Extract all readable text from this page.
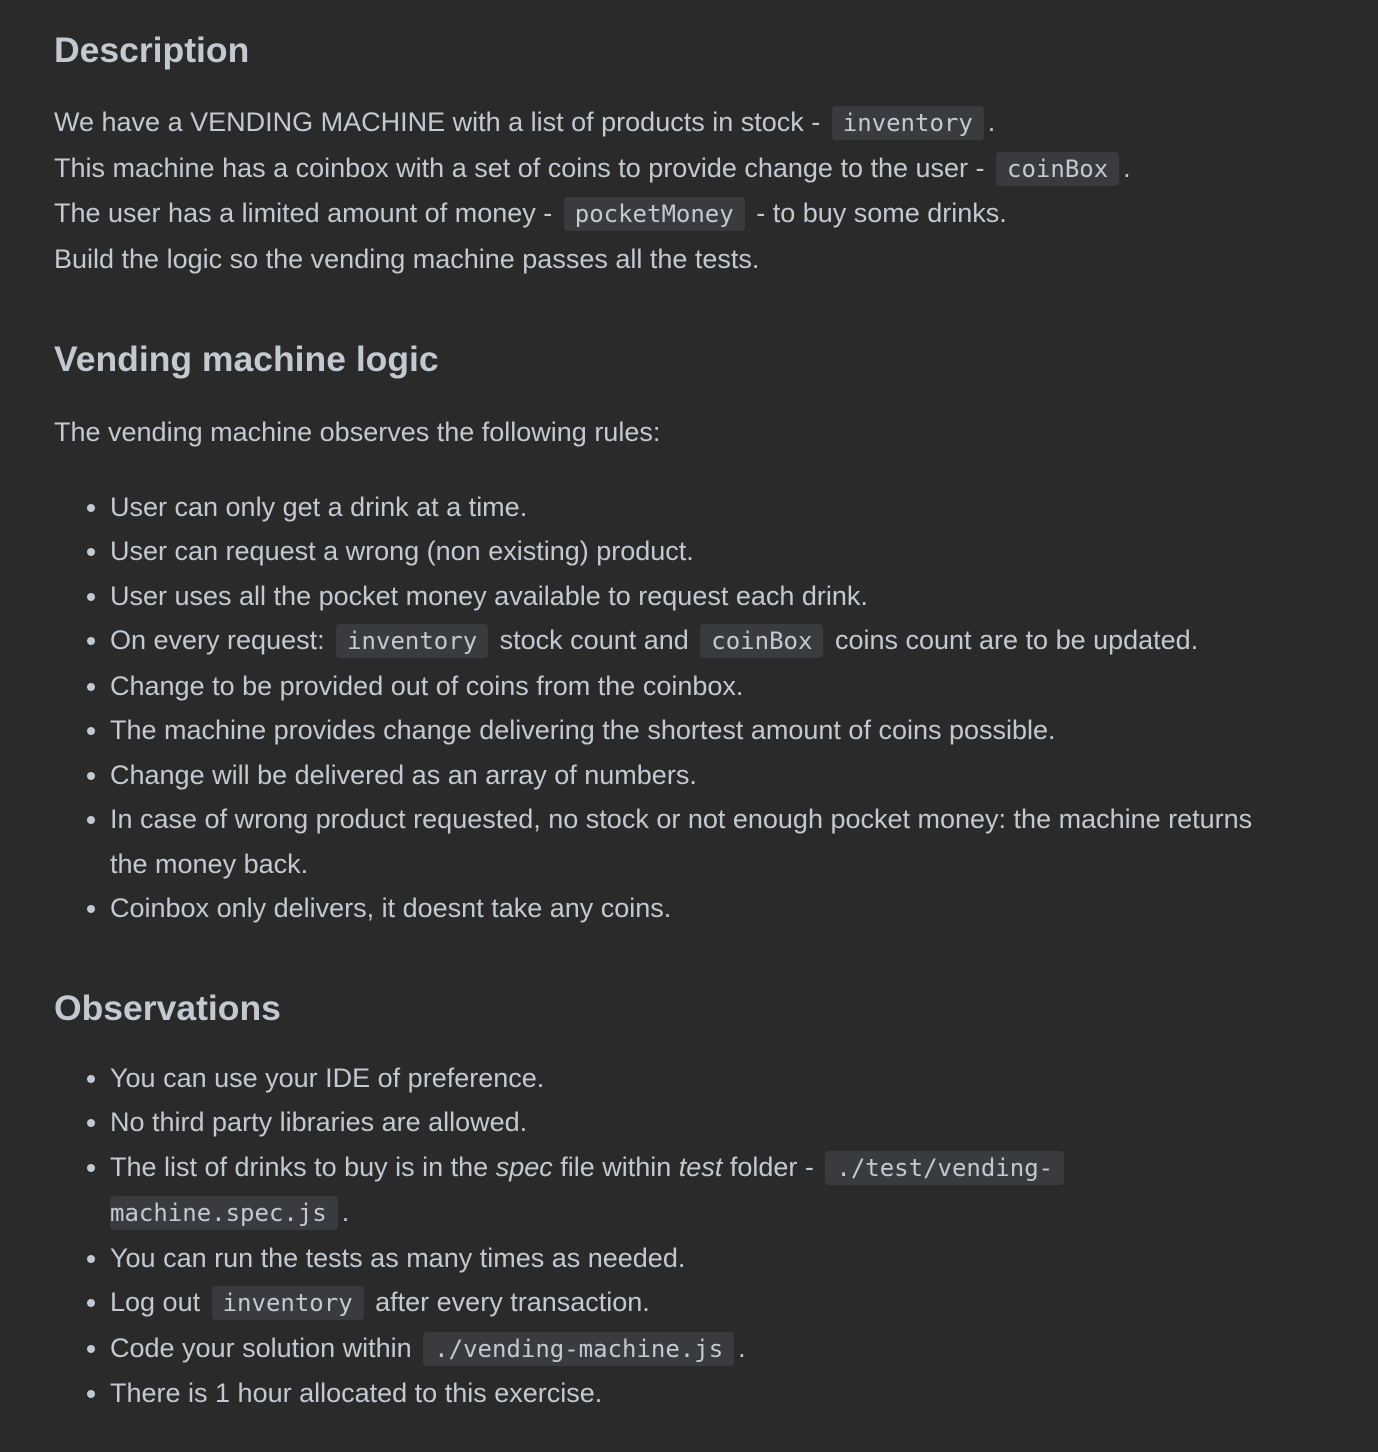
Description

We have a VENDING MACHINE with a list of products in stock - inventory .
This machine has a coinbox with a set of coins to provide change to the user - coinBox .
The user has a limited amount of money - pocketMoney - to buy some drinks.
Build the logic so the vending machine passes all the tests.

Vending machine logic

The vending machine observes the following rules:

• User can only get a drink at a time.
• User can request a wrong (non existing) product.
• User uses all the pocket money available to request each drink.
• On every request: inventory stock count and coinBox coins count are to be updated.
• Change to be provided out of coins from the coinbox.
• The machine provides change delivering the shortest amount of coins possible.
• Change will be delivered as an array of numbers.
• In case of wrong product requested, no stock or not enough pocket money: the machine returns
the money back.
• Coinbox only delivers, it doesnt take any coins.
Observations
• You can use your IDE of preference.
• No third party libraries are allowed.
• The list of drinks to buy is in the spec file within test folder - ./test/vending-
machine.spec.js .
• You can run the tests as many times as needed.
• Log out inventory after every transaction.
• Code your solution within ./vending-machine.js .
• There is 1 hour allocated to this exercise.
